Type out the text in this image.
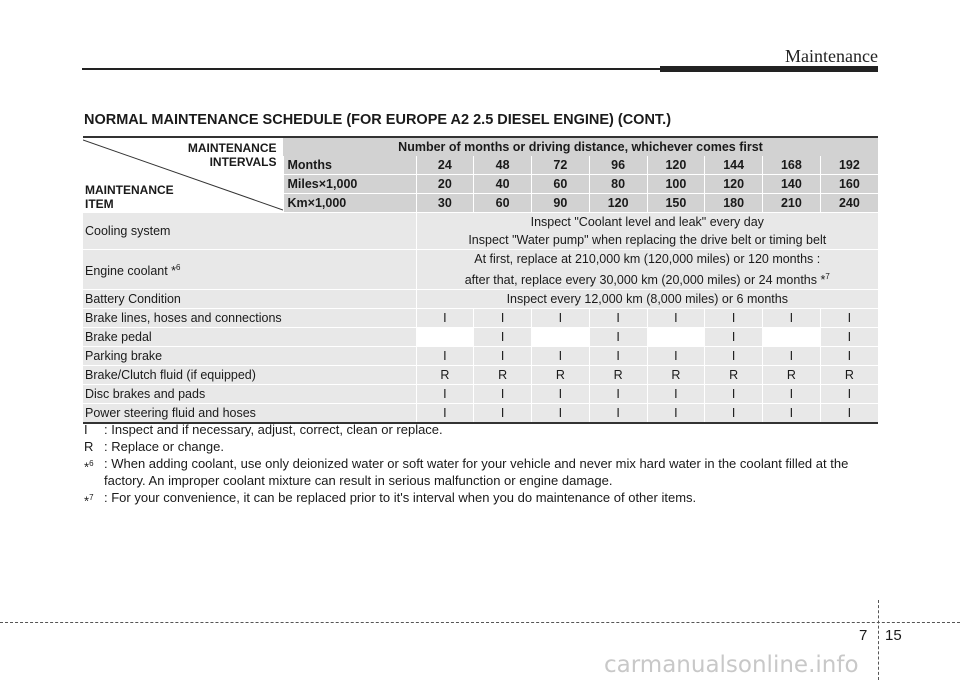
Maintenance
NORMAL MAINTENANCE SCHEDULE (FOR EUROPE A2 2.5 DIESEL ENGINE) (CONT.)
MAINTENANCE
INTERVALS
MAINTENANCE
ITEM	Number of months or driving distance, whichever comes first								
	Months	24	48	72	96	120	144	168	192
	Miles×1,000	20	40	60	80	100	120	140	160
	Km×1,000	30	60	90	120	150	180	210	240
Cooling system		Inspect "Coolant level and leak" every day
Inspect "Water pump" when replacing the drive belt or timing belt							

Engine coolant *$^6$		At first, replace at 210,000 km (120,000 miles) or 120 months :
after that, replace every 30,000 km (20,000 miles) or 24 months *$^7$

Battery Condition		Inspect every 12,000 km (8,000 miles) or 6 months							

Brake lines, hoses and connections		I	I	I	I	I	I	I	I
Brake pedal			I		I		I		I
Parking brake		I	I	I	I	I	I	I	I
Brake/Clutch fluid (if equipped)		R	R	R	R	R	R	R	R
Disc brakes and pads		I	I	I	I	I	I	I	I
Power steering fluid and hoses		I	I	I	I	I	I	I	I
I	: Inspect and if necessary, adjust, correct, clean or replace.
R : Replace or change.
*$^6$ : When adding coolant, use only deionized water or soft water for your vehicle and never mix hard water in the coolant filled at the factory. An improper coolant mixture can result in serious malfunction or engine damage.
*$^7$ : For your convenience, it can be replaced prior to it's interval when you do maintenance of other items.
7 15
carmanualsonline.info
